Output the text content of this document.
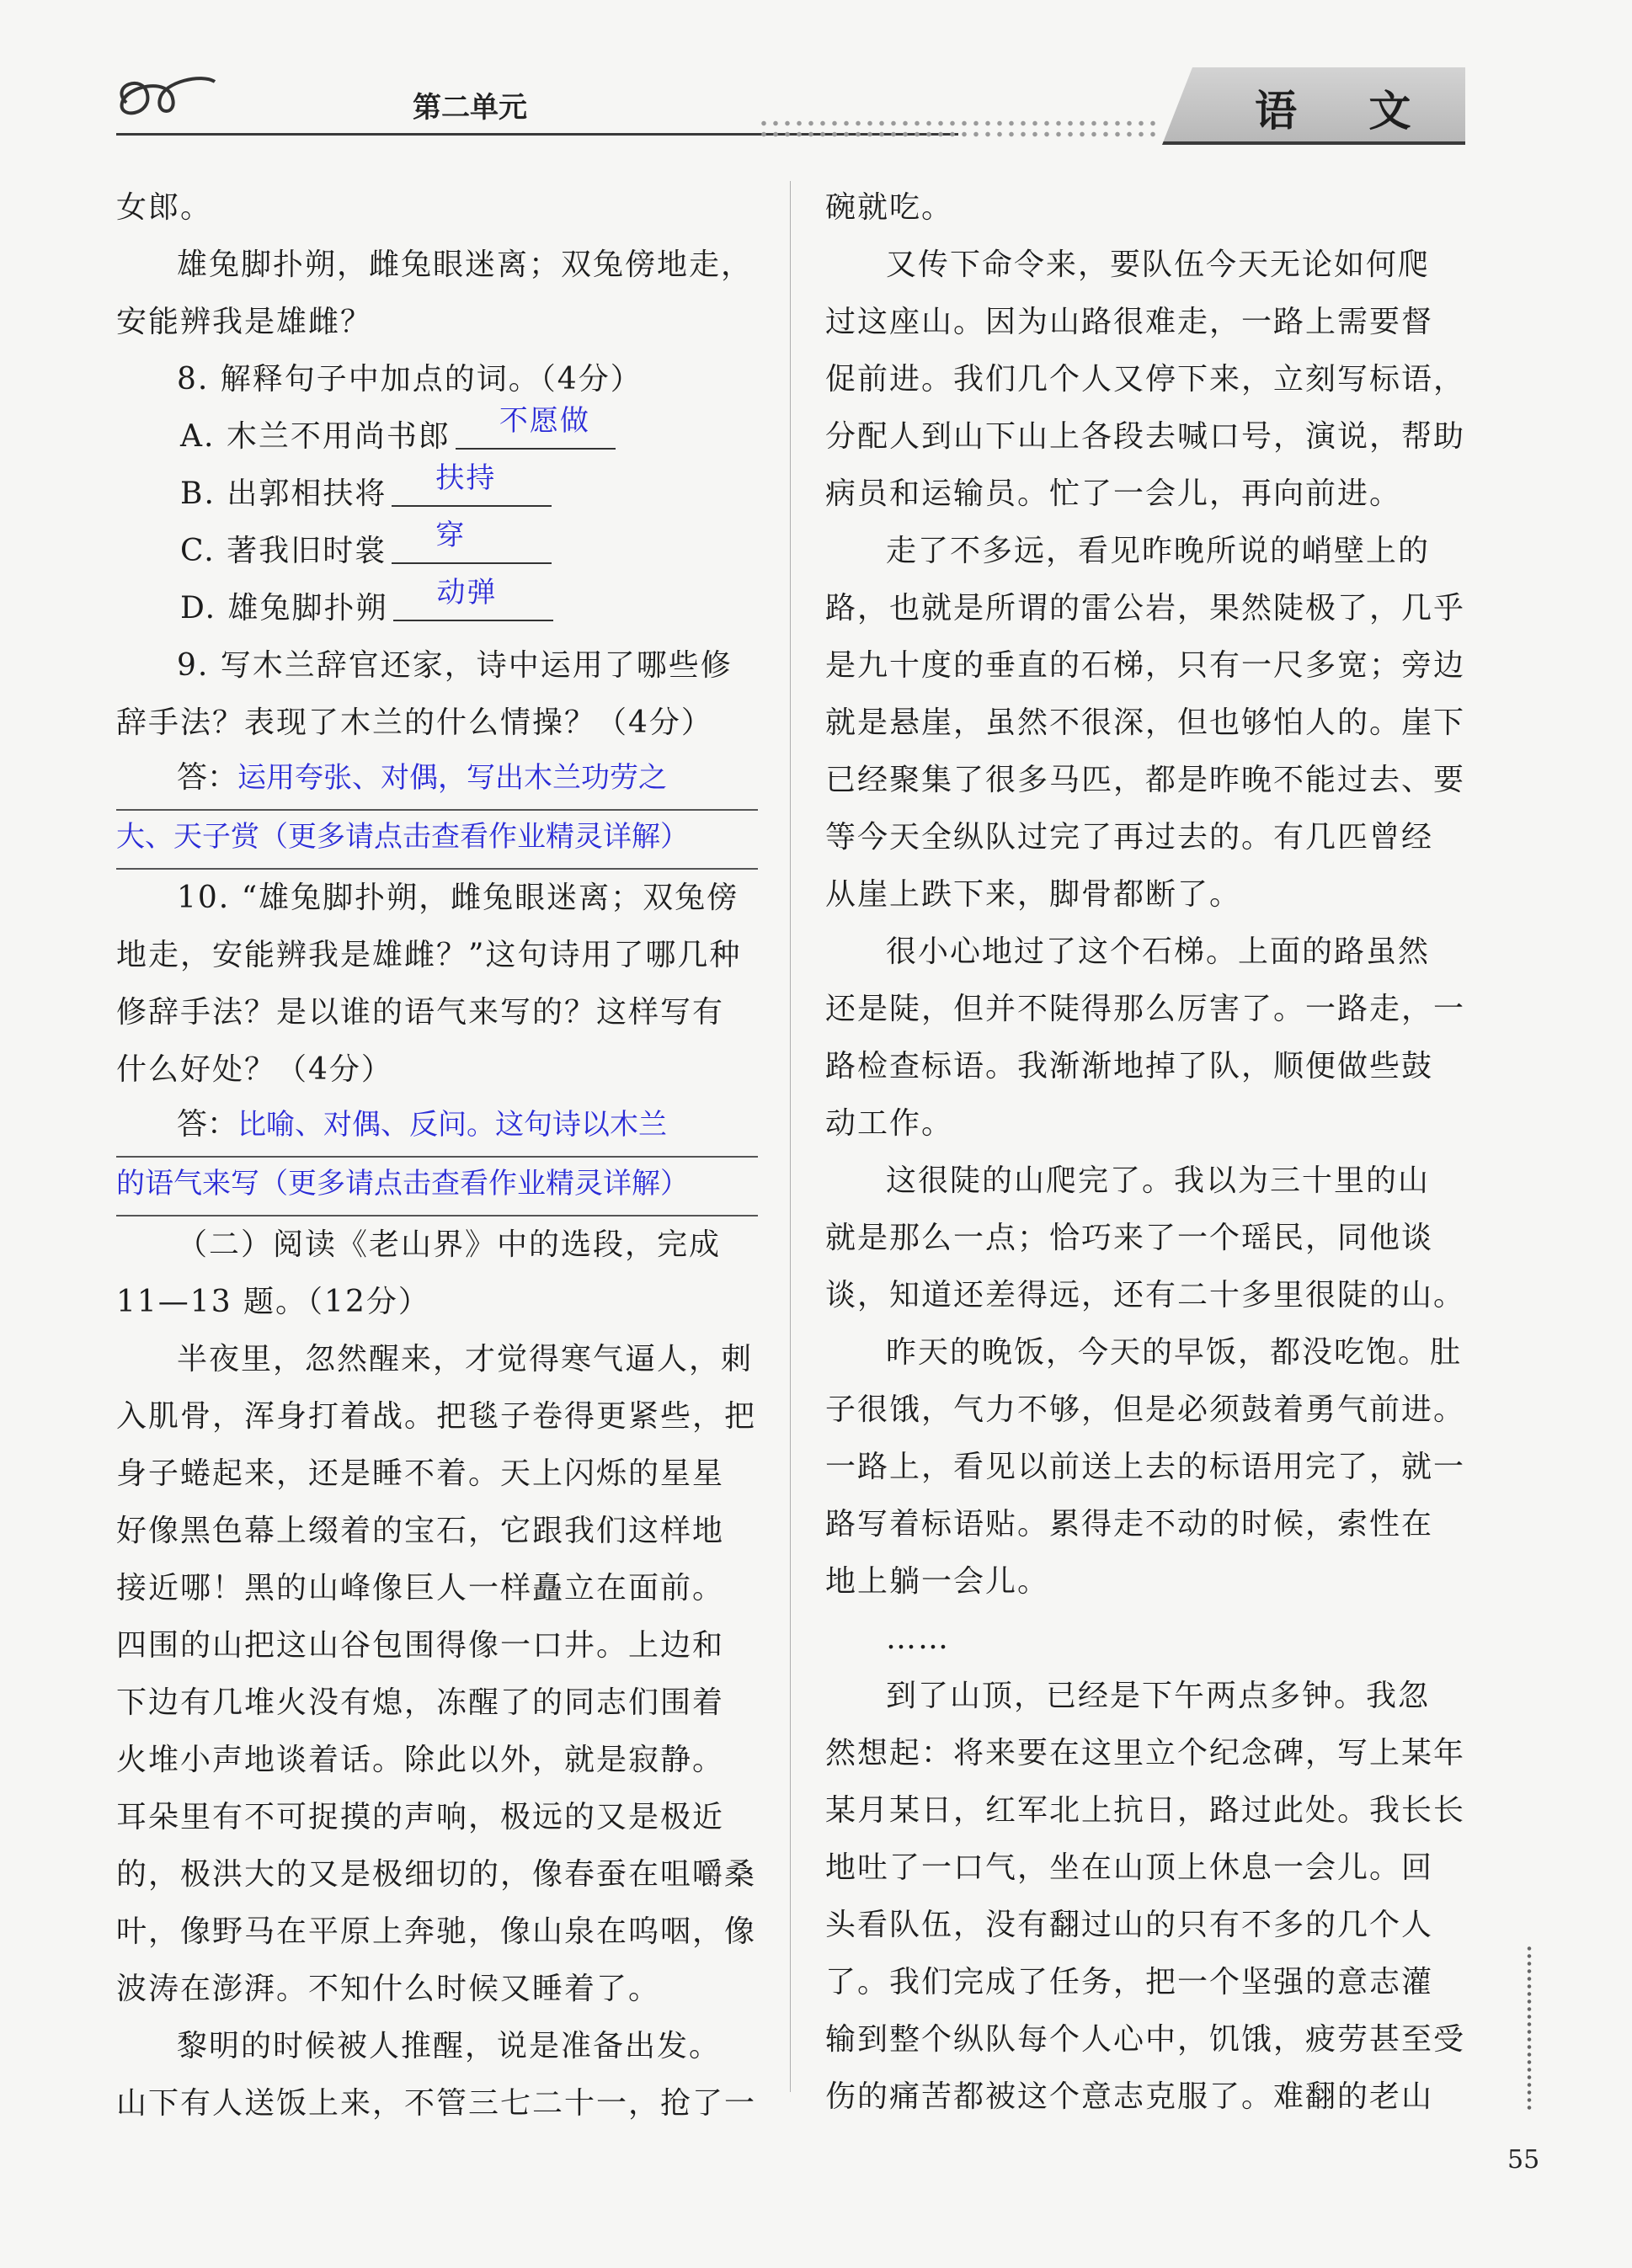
第二单元	语 文
女郎。
雄兔脚扑朔，雌兔眼迷离；双兔傍地走，
安能辨我是雄雌？
8. 解释句子中加点的词。（4分）
A. 木兰不用尚书郎 不愿做
B. 出郭相扶将 扶持
C. 著我旧时裳 穿
D. 雄兔脚扑朔 动弹
9. 写木兰辞官还家，诗中运用了哪些修
辞手法？表现了木兰的什么情操？（4分）
答：运用夸张、对偶，写出木兰功劳之
大、天子赏（更多请点击查看作业精灵详解）
10. “雄兔脚扑朔，雌兔眼迷离；双兔傍
地走，安能辨我是雄雌？”这句诗用了哪几种
修辞手法？是以谁的语气来写的？这样写有
什么好处？（4分）
答：比喻、对偶、反问。这句诗以木兰
的语气来写（更多请点击查看作业精灵详解）
（二）阅读《老山界》中的选段，完成
11—13 题。（12分）
半夜里，忽然醒来，才觉得寒气逼人，刺
入肌骨，浑身打着战。把毯子卷得更紧些，把
身子蜷起来，还是睡不着。天上闪烁的星星
好像黑色幕上缀着的宝石，它跟我们这样地
接近哪！黑的山峰像巨人一样矗立在面前。
四围的山把这山谷包围得像一口井。上边和
下边有几堆火没有熄，冻醒了的同志们围着
火堆小声地谈着话。除此以外，就是寂静。
耳朵里有不可捉摸的声响，极远的又是极近
的，极洪大的又是极细切的，像春蚕在咀嚼桑
叶，像野马在平原上奔驰，像山泉在呜咽，像
波涛在澎湃。不知什么时候又睡着了。
黎明的时候被人推醒，说是准备出发。
山下有人送饭上来，不管三七二十一，抢了一
碗就吃。
又传下命令来，要队伍今天无论如何爬
过这座山。因为山路很难走，一路上需要督
促前进。我们几个人又停下来，立刻写标语，
分配人到山下山上各段去喊口号，演说，帮助
病员和运输员。忙了一会儿，再向前进。
走了不多远，看见昨晚所说的峭壁上的
路，也就是所谓的雷公岩，果然陡极了，几乎
是九十度的垂直的石梯，只有一尺多宽；旁边
就是悬崖，虽然不很深，但也够怕人的。崖下
已经聚集了很多马匹，都是昨晚不能过去、要
等今天全纵队过完了再过去的。有几匹曾经
从崖上跌下来，脚骨都断了。
很小心地过了这个石梯。上面的路虽然
还是陡，但并不陡得那么厉害了。一路走，一
路检查标语。我渐渐地掉了队，顺便做些鼓
动工作。
这很陡的山爬完了。我以为三十里的山
就是那么一点；恰巧来了一个瑶民，同他谈
谈，知道还差得远，还有二十多里很陡的山。
昨天的晚饭，今天的早饭，都没吃饱。肚
子很饿，气力不够，但是必须鼓着勇气前进。
一路上，看见以前送上去的标语用完了，就一
路写着标语贴。累得走不动的时候，索性在
地上躺一会儿。
……
到了山顶，已经是下午两点多钟。我忽
然想起：将来要在这里立个纪念碑，写上某年
某月某日，红军北上抗日，路过此处。我长长
地吐了一口气，坐在山顶上休息一会儿。回
头看队伍，没有翻过山的只有不多的几个人
了。我们完成了任务，把一个坚强的意志灌
输到整个纵队每个人心中，饥饿，疲劳甚至受
伤的痛苦都被这个意志克服了。难翻的老山
55
